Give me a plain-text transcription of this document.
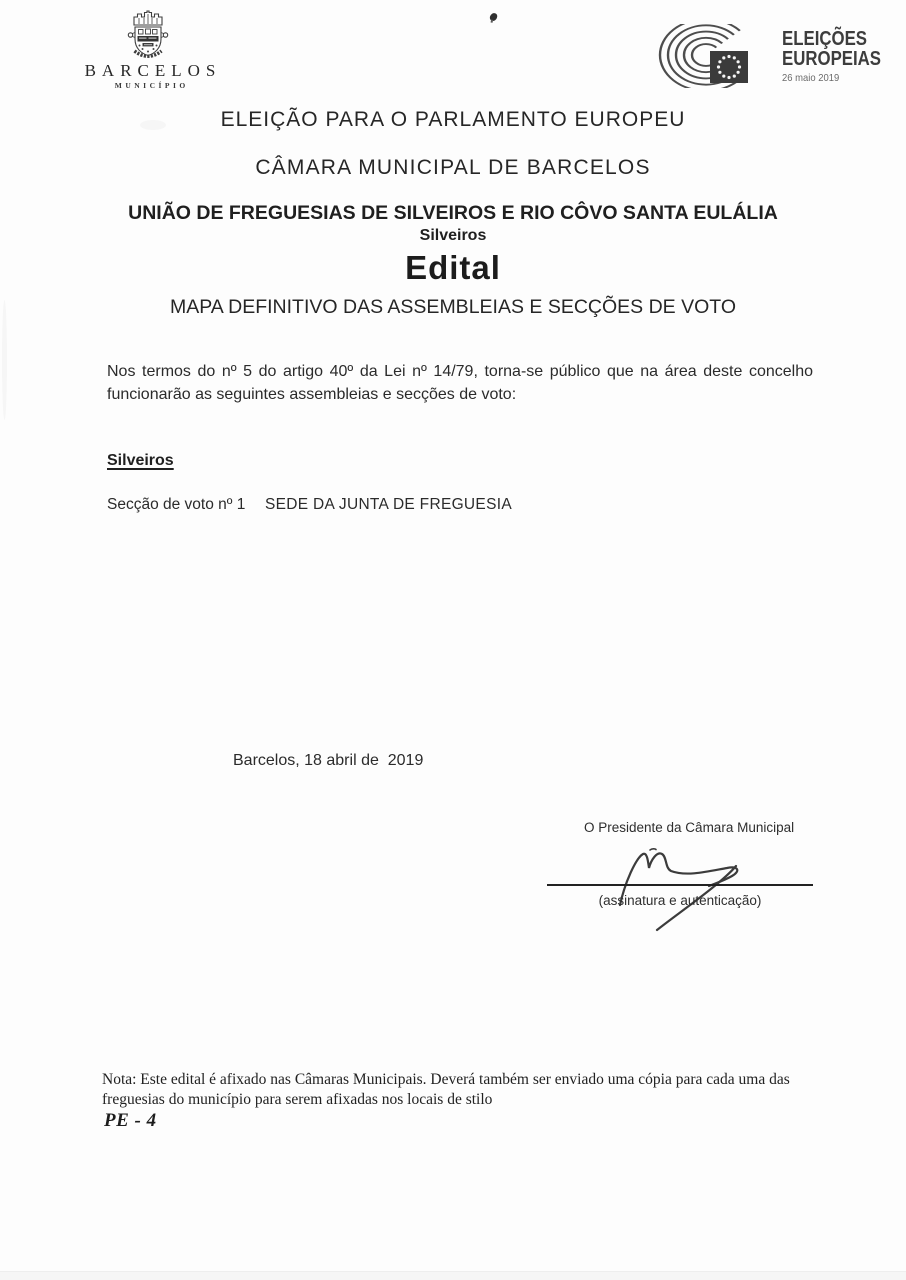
BARCELOS
MUNICÍPIO
ELEIÇÕES
EUROPEIAS
26 maio 2019
ELEIÇÃO PARA O PARLAMENTO EUROPEU
CÂMARA MUNICIPAL DE BARCELOS
UNIÃO DE FREGUESIAS DE SILVEIROS E RIO CÔVO SANTA EULÁLIA
Silveiros
Edital
MAPA DEFINITIVO DAS ASSEMBLEIAS E SECÇÕES DE VOTO
Nos termos do nº 5 do artigo 40º da Lei nº 14/79, torna-se público que na área deste concelho funcionarão as seguintes assembleias e secções de voto:
Silveiros
Secção de voto nº 1	SEDE DA JUNTA DE FREGUESIA
Barcelos, 18 abril de  2019
O Presidente da Câmara Municipal
(assinatura e autenticação)
Nota: Este edital é afixado nas Câmaras Municipais. Deverá também ser enviado uma cópia para cada uma das freguesias do município para serem afixadas nos locais de stilo
PE - 4
